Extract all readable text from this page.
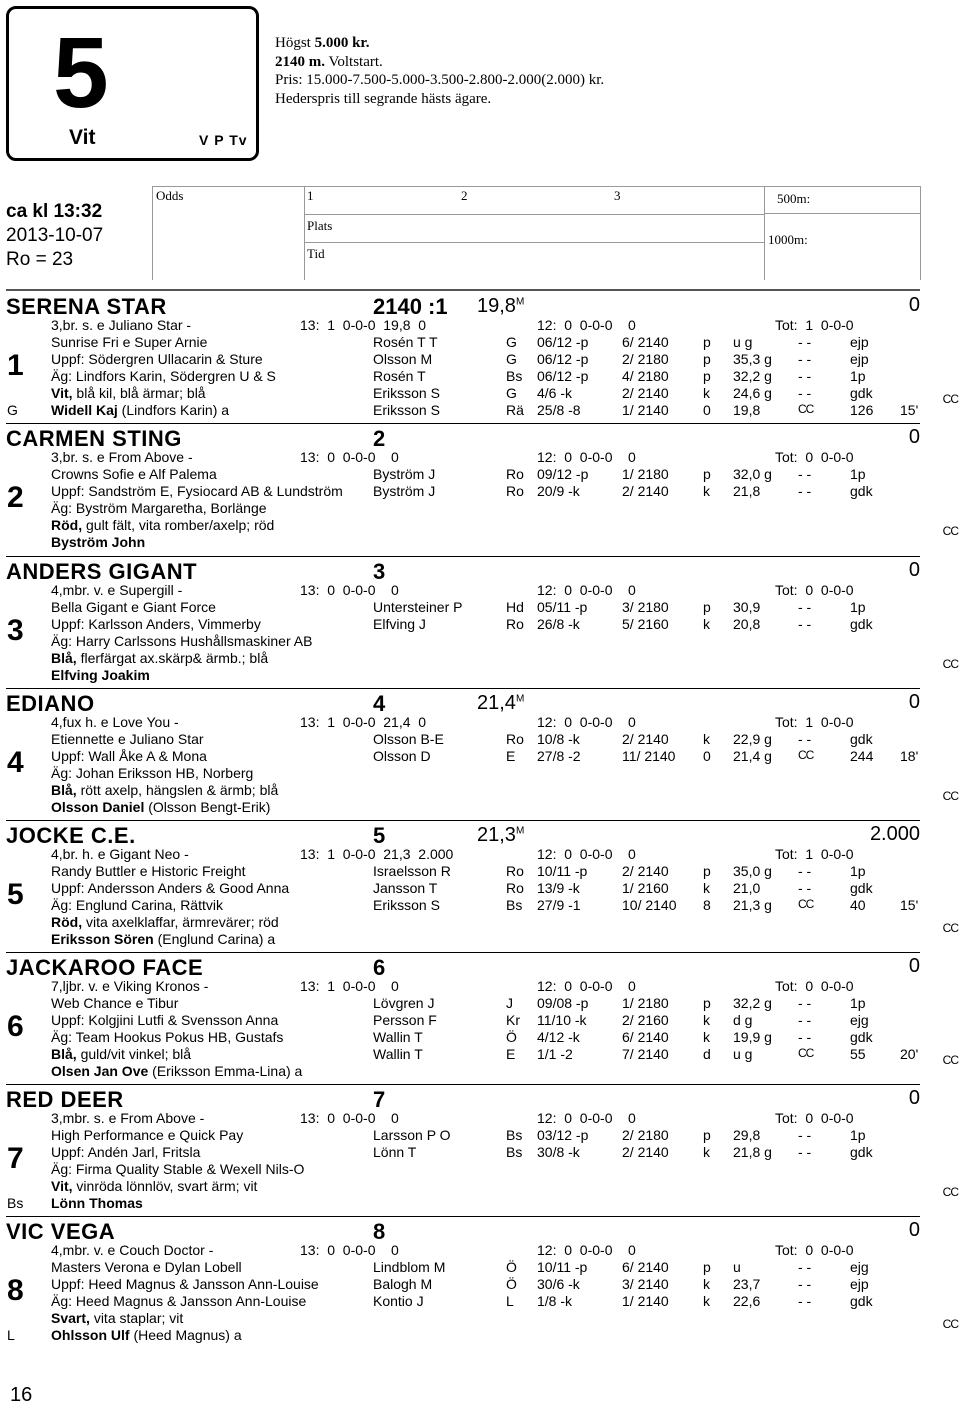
5
Vit	V P Tv
Högst 5.000 kr.
2140 m. Voltstart.
Pris: 15.000-7.500-5.000-3.500-2.800-2.000(2.000) kr.
Hederspris till segrande hästs ägare.
ca kl 13:32
2013-10-07
Ro = 23
Odds	1	2	3
Plats
Tid
500m:
1000m:
SERENA STAR	2140 :1 $19,8^M$	0
3,br. s. e Juliano Star -	13:  1  0-0-0  19,8  0	12:  0  0-0-0    0	Tot:  1  0-0-0
Sunrise Fri e Super Arnie
Uppf: Södergren Ullacarin & Sture
Äg: Lindfors Karin, Södergren U & S
Vit, blå kil, blå ärmar; blå
Widell Kaj (Lindfors Karin) a
1
G
CC
Rosén T T	G 06/12 -p 6/ 2140 p u g	- -	ejp
Olsson M	G 06/12 -p 2/ 2180 p 35,3 g - -	ejp
Rosén T	Bs 06/12 -p 4/ 2180 p 32,2 g - -	1p
Eriksson S	G 4/6 -k	2/ 2140 k 24,6 g - -	gdk
Eriksson S	Rä 25/8 -8	1/ 2140 0 19,8	CC	126 15'
CARMEN STING	2	0
3,br. s. e From Above -	13:  0  0-0-0    0	12:  0  0-0-0    0	Tot:  0  0-0-0
Crowns Sofie e Alf Palema
Uppf: Sandström E, Fysiocard AB & Lundström
Äg: Byström Margaretha, Borlänge
Röd, gult fält, vita romber/axelp; röd
Byström John
2
CC
Byström J	Ro 09/12 -p 1/ 2180 p 32,0 g - -	1p
Byström J	Ro 20/9 -k	2/ 2140 k 21,8	- -	gdk
ANDERS GIGANT	3	0
4,mbr. v. e Supergill -	13:  0  0-0-0    0	12:  0  0-0-0    0	Tot:  0  0-0-0
Bella Gigant e Giant Force
Uppf: Karlsson Anders, Vimmerby
Äg: Harry Carlssons Hushållsmaskiner AB
Blå, flerfärgat ax.skärp& ärmb.; blå
Elfving Joakim
3
CC
Untersteiner P	Hd 05/11 -p 3/ 2180 p 30,9	- -	1p
Elfving J	Ro 26/8 -k	5/ 2160 k 20,8	- -	gdk
EDIANO	4	$21,4^M$	0
4,fux h. e Love You -	13:  1  0-0-0  21,4  0	12:  0  0-0-0    0	Tot:  1  0-0-0
Etiennette e Juliano Star
Uppf: Wall Åke A & Mona
Äg: Johan Eriksson HB, Norberg
Blå, rött axelp, hängslen & ärmb; blå
Olsson Daniel (Olsson Bengt-Erik)
4
CC
Olsson B-E	Ro 10/8 -k	2/ 2140 k 22,9 g - -	gdk
Olsson D	E 27/8 -2	11/ 2140 0 21,4 g CC	244 18'
JOCKE C.E.	5	$21,3^M$	2.000
4,br. h. e Gigant Neo -	13:  1  0-0-0  21,3  2.000	12:  0  0-0-0    0	Tot:  1  0-0-0
Randy Buttler e Historic Freight
Uppf: Andersson Anders & Good Anna
Äg: Englund Carina, Rättvik
Röd, vita axelklaffar, ärmrevärer; röd
Eriksson Sören (Englund Carina) a
5
CC
Israelsson R	Ro 10/11 -p 2/ 2140 p 35,0 g - -	1p
Jansson T	Ro 13/9 -k	1/ 2160 k 21,0	- -	gdk
Eriksson S	Bs 27/9 -1	10/ 2140 8 21,3 g CC	40 15'
JACKAROO FACE	6	0
7,ljbr. v. e Viking Kronos -	13:  1  0-0-0    0	12:  0  0-0-0    0	Tot:  0  0-0-0
Web Chance e Tibur
Uppf: Kolgjini Lutfi & Svensson Anna
Äg: Team Hookus Pokus HB, Gustafs
Blå, guld/vit vinkel; blå
Olsen Jan Ove (Eriksson Emma-Lina) a
6
CC
Lövgren J	J 09/08 -p 1/ 2180 p 32,2 g - -	1p
Persson F	Kr 11/10 -k	2/ 2160 k d g	- -	ejg
Wallin T	Ö 4/12 -k	6/ 2140 k 19,9 g - -	gdk
Wallin T	E 1/1 -2	7/ 2140 d u g	CC	55 20'
RED DEER	7	0
3,mbr. s. e From Above -	13:  0  0-0-0    0	12:  0  0-0-0    0	Tot:  0  0-0-0
High Performance e Quick Pay
Uppf: Andén Jarl, Fritsla
Äg: Firma Quality Stable & Wexell Nils-O
Vit, vinröda lönnlöv, svart ärm; vit
Lönn Thomas
7
Bs
CC
Larsson P O	Bs 03/12 -p 2/ 2180 p 29,8	- -	1p
Lönn T	Bs 30/8 -k	2/ 2140 k 21,8 g - -	gdk
VIC VEGA	8	0
4,mbr. v. e Couch Doctor -	13:  0  0-0-0    0	12:  0  0-0-0    0	Tot:  0  0-0-0
Masters Verona e Dylan Lobell
Uppf: Heed Magnus & Jansson Ann-Louise
Äg: Heed Magnus & Jansson Ann-Louise
Svart, vita staplar; vit
Ohlsson Ulf (Heed Magnus) a
8
L
CC
Lindblom M	Ö 10/11 -p 6/ 2140 p u	- -	ejg
Balogh M	Ö 30/6 -k	3/ 2140 k 23,7	- -	ejp
Kontio J	L 1/8 -k	1/ 2140 k 22,6	- -	gdk
16
